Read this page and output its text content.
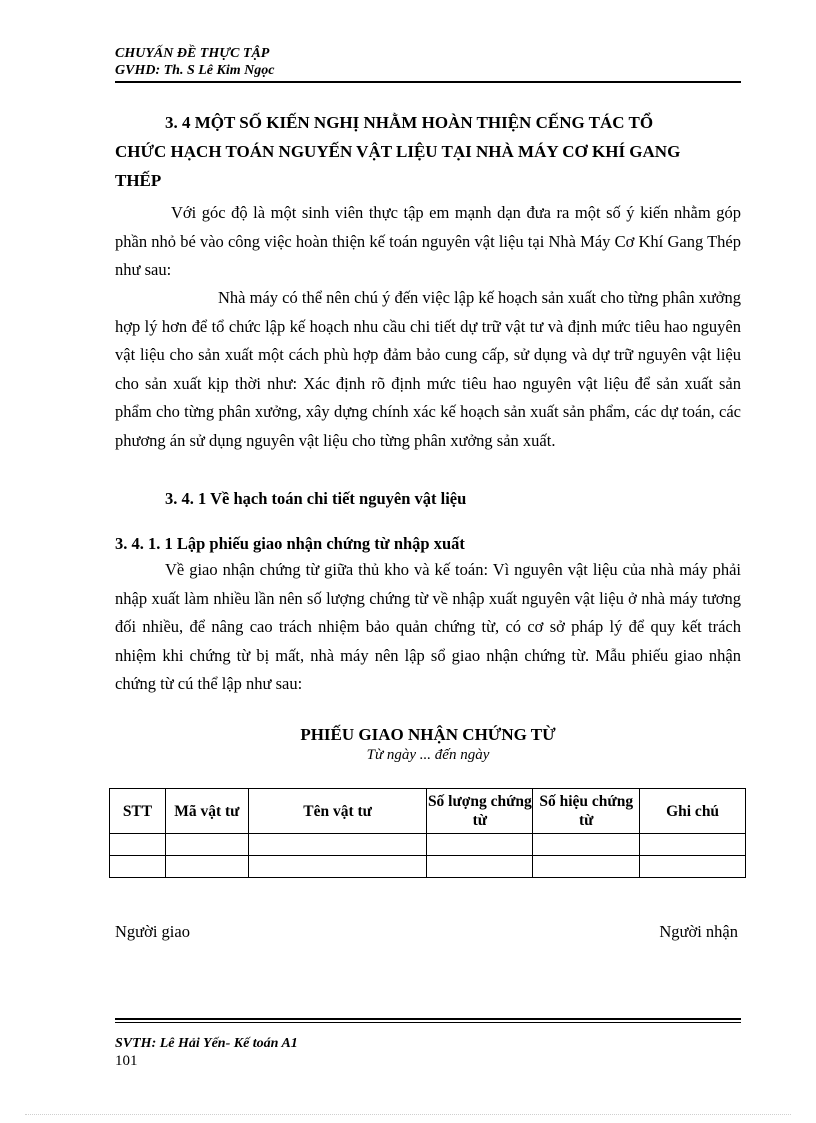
CHUYẤN ĐỀ THỰC TẬP
GVHD: Th. S Lê Kim Ngọc
3. 4 MỘT SỐ KIẾN NGHỊ NHẰM HOÀN THIỆN CẾNG TÁC TỔ
CHỨC HẠCH TOÁN NGUYẾN VẬT LIỆU TẠI NHÀ MÁY CƠ KHÍ GANG
THẾP
Với góc độ là một sinh viên thực tập em mạnh dạn đưa ra một số ý kiến nhằm góp phần nhỏ bé vào công việc hoàn thiện kế toán nguyên vật liệu tại Nhà Máy Cơ Khí Gang Thép như sau:
Nhà máy có thể nên chú ý đến việc lập kế hoạch sản xuất cho từng phân xưởng hợp lý hơn để tổ chức lập kế hoạch nhu cầu chi tiết dự trữ vật tư và định mức tiêu hao nguyên vật liệu cho sản xuất một cách phù hợp đảm bảo cung cấp, sử dụng và dự trữ nguyên vật liệu cho sản xuất kịp thời như: Xác định rõ định mức tiêu hao nguyên vật liệu để sản xuất sản phẩm cho từng phân xưởng, xây dựng chính xác kế hoạch sản xuất sản phẩm, các dự toán, các phương án sử dụng nguyên vật liệu cho từng phân xưởng sản xuất.
3. 4. 1 Về hạch toán chi tiết nguyên vật liệu
3. 4. 1. 1 Lập phiếu giao nhận chứng từ nhập xuất
Về giao nhận chứng từ giữa thủ kho và kế toán: Vì nguyên vật liệu của nhà máy phải nhập xuất làm nhiều lần nên số lượng chứng từ về nhập xuất nguyên vật liệu ở nhà máy tương đối nhiều, để nâng cao trách nhiệm bảo quản chứng từ, có cơ sở pháp lý để quy kết trách nhiệm khi chứng từ bị mất, nhà máy nên lập sổ giao nhận chứng từ. Mẫu phiếu giao nhận chứng từ cú thể lập như sau:
PHIẾU GIAO NHẬN CHỨNG TỪ
Từ ngày ... đến ngày
STT	Mã vật tư	Tên vật tư	Số lượng chứng từ	Số hiệu chứng từ	Ghi chú

Người giao	Người nhận
SVTH: Lê Hải Yến- Kế toán A1
101
